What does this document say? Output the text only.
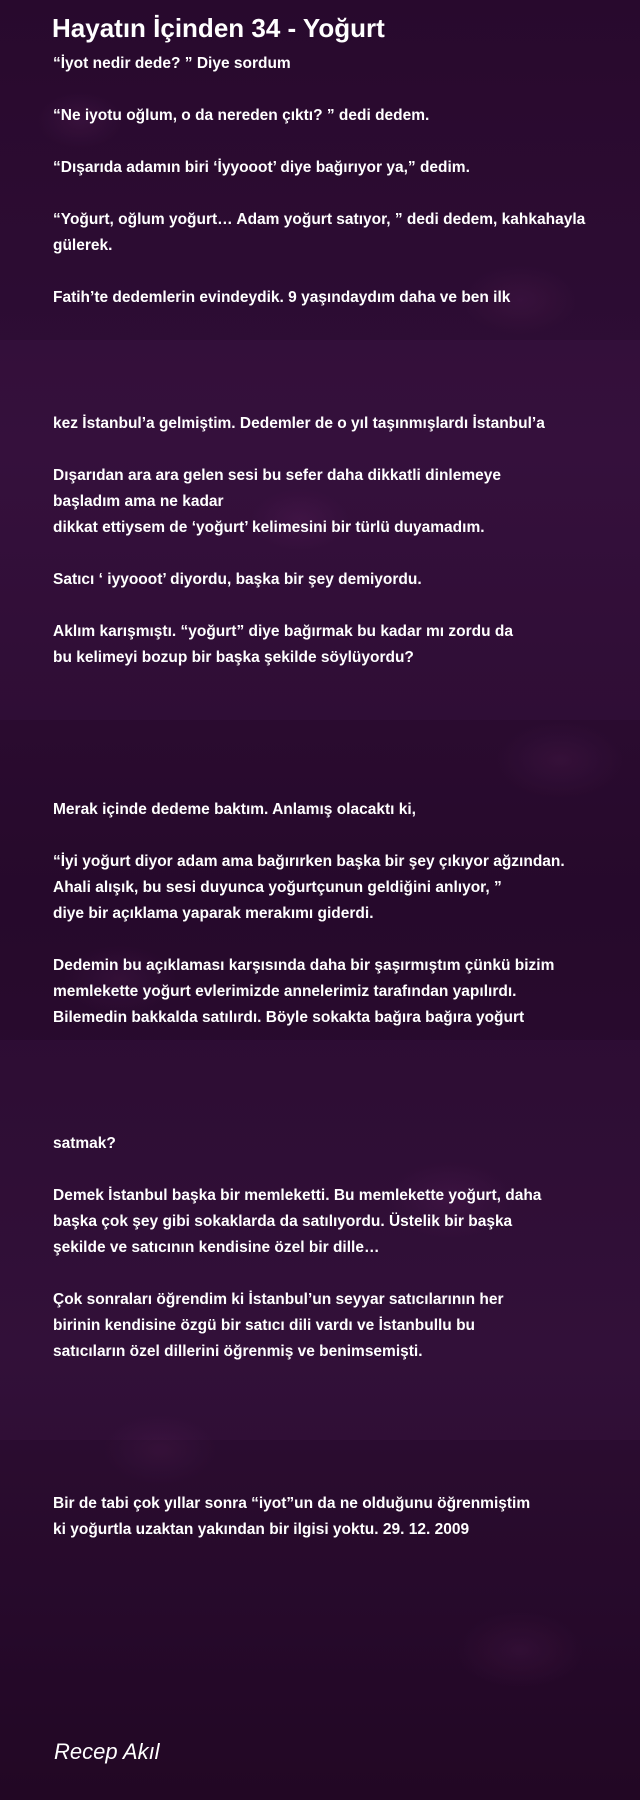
Hayatın İçinden 34 - Yoğurt

“İyot nedir dede? ” Diye sordum

“Ne iyotu oğlum, o da nereden çıktı? ” dedi dedem.

“Dışarıda adamın biri ‘İyyooot’ diye bağırıyor ya,” dedim.

“Yoğurt, oğlum yoğurt… Adam yoğurt satıyor, ” dedi dedem, kahkahayla
gülerek.

Fatih’te dedemlerin evindeydik. 9 yaşındaydım daha ve ben ilk

kez İstanbul’a gelmiştim. Dedemler de o yıl taşınmışlardı İstanbul’a

Dışarıdan ara ara gelen sesi bu sefer daha dikkatli dinlemeye
başladım ama ne kadar
dikkat ettiysem de ‘yoğurt’ kelimesini bir türlü duyamadım.

Satıcı ‘ iyyooot’ diyordu, başka bir şey demiyordu.

Aklım karışmıştı. “yoğurt” diye bağırmak bu kadar mı zordu da
bu kelimeyi bozup bir başka şekilde söylüyordu?

Merak içinde dedeme baktım. Anlamış olacaktı ki,

“İyi yoğurt diyor adam ama bağırırken başka bir şey çıkıyor ağzından.
Ahali alışık, bu sesi duyunca yoğurtçunun geldiğini anlıyor, ”
diye bir açıklama yaparak merakımı giderdi.

Dedemin bu açıklaması karşısında daha bir şaşırmıştım çünkü bizim
memlekette yoğurt evlerimizde annelerimiz tarafından yapılırdı.
Bilemedin bakkalda satılırdı. Böyle sokakta bağıra bağıra yoğurt

satmak?

Demek İstanbul başka bir memleketti. Bu memlekette yoğurt, daha
başka çok şey gibi sokaklarda da satılıyordu. Üstelik bir başka
şekilde ve satıcının kendisine özel bir dille…

Çok sonraları öğrendim ki İstanbul’un seyyar satıcılarının her
birinin kendisine özgü bir satıcı dili vardı ve İstanbullu bu
satıcıların özel dillerini öğrenmiş ve benimsemişti.

Bir de tabi çok yıllar sonra “iyot”un da ne olduğunu öğrenmiştim
ki yoğurtla uzaktan yakından bir ilgisi yoktu. 29. 12. 2009

Recep Akıl
